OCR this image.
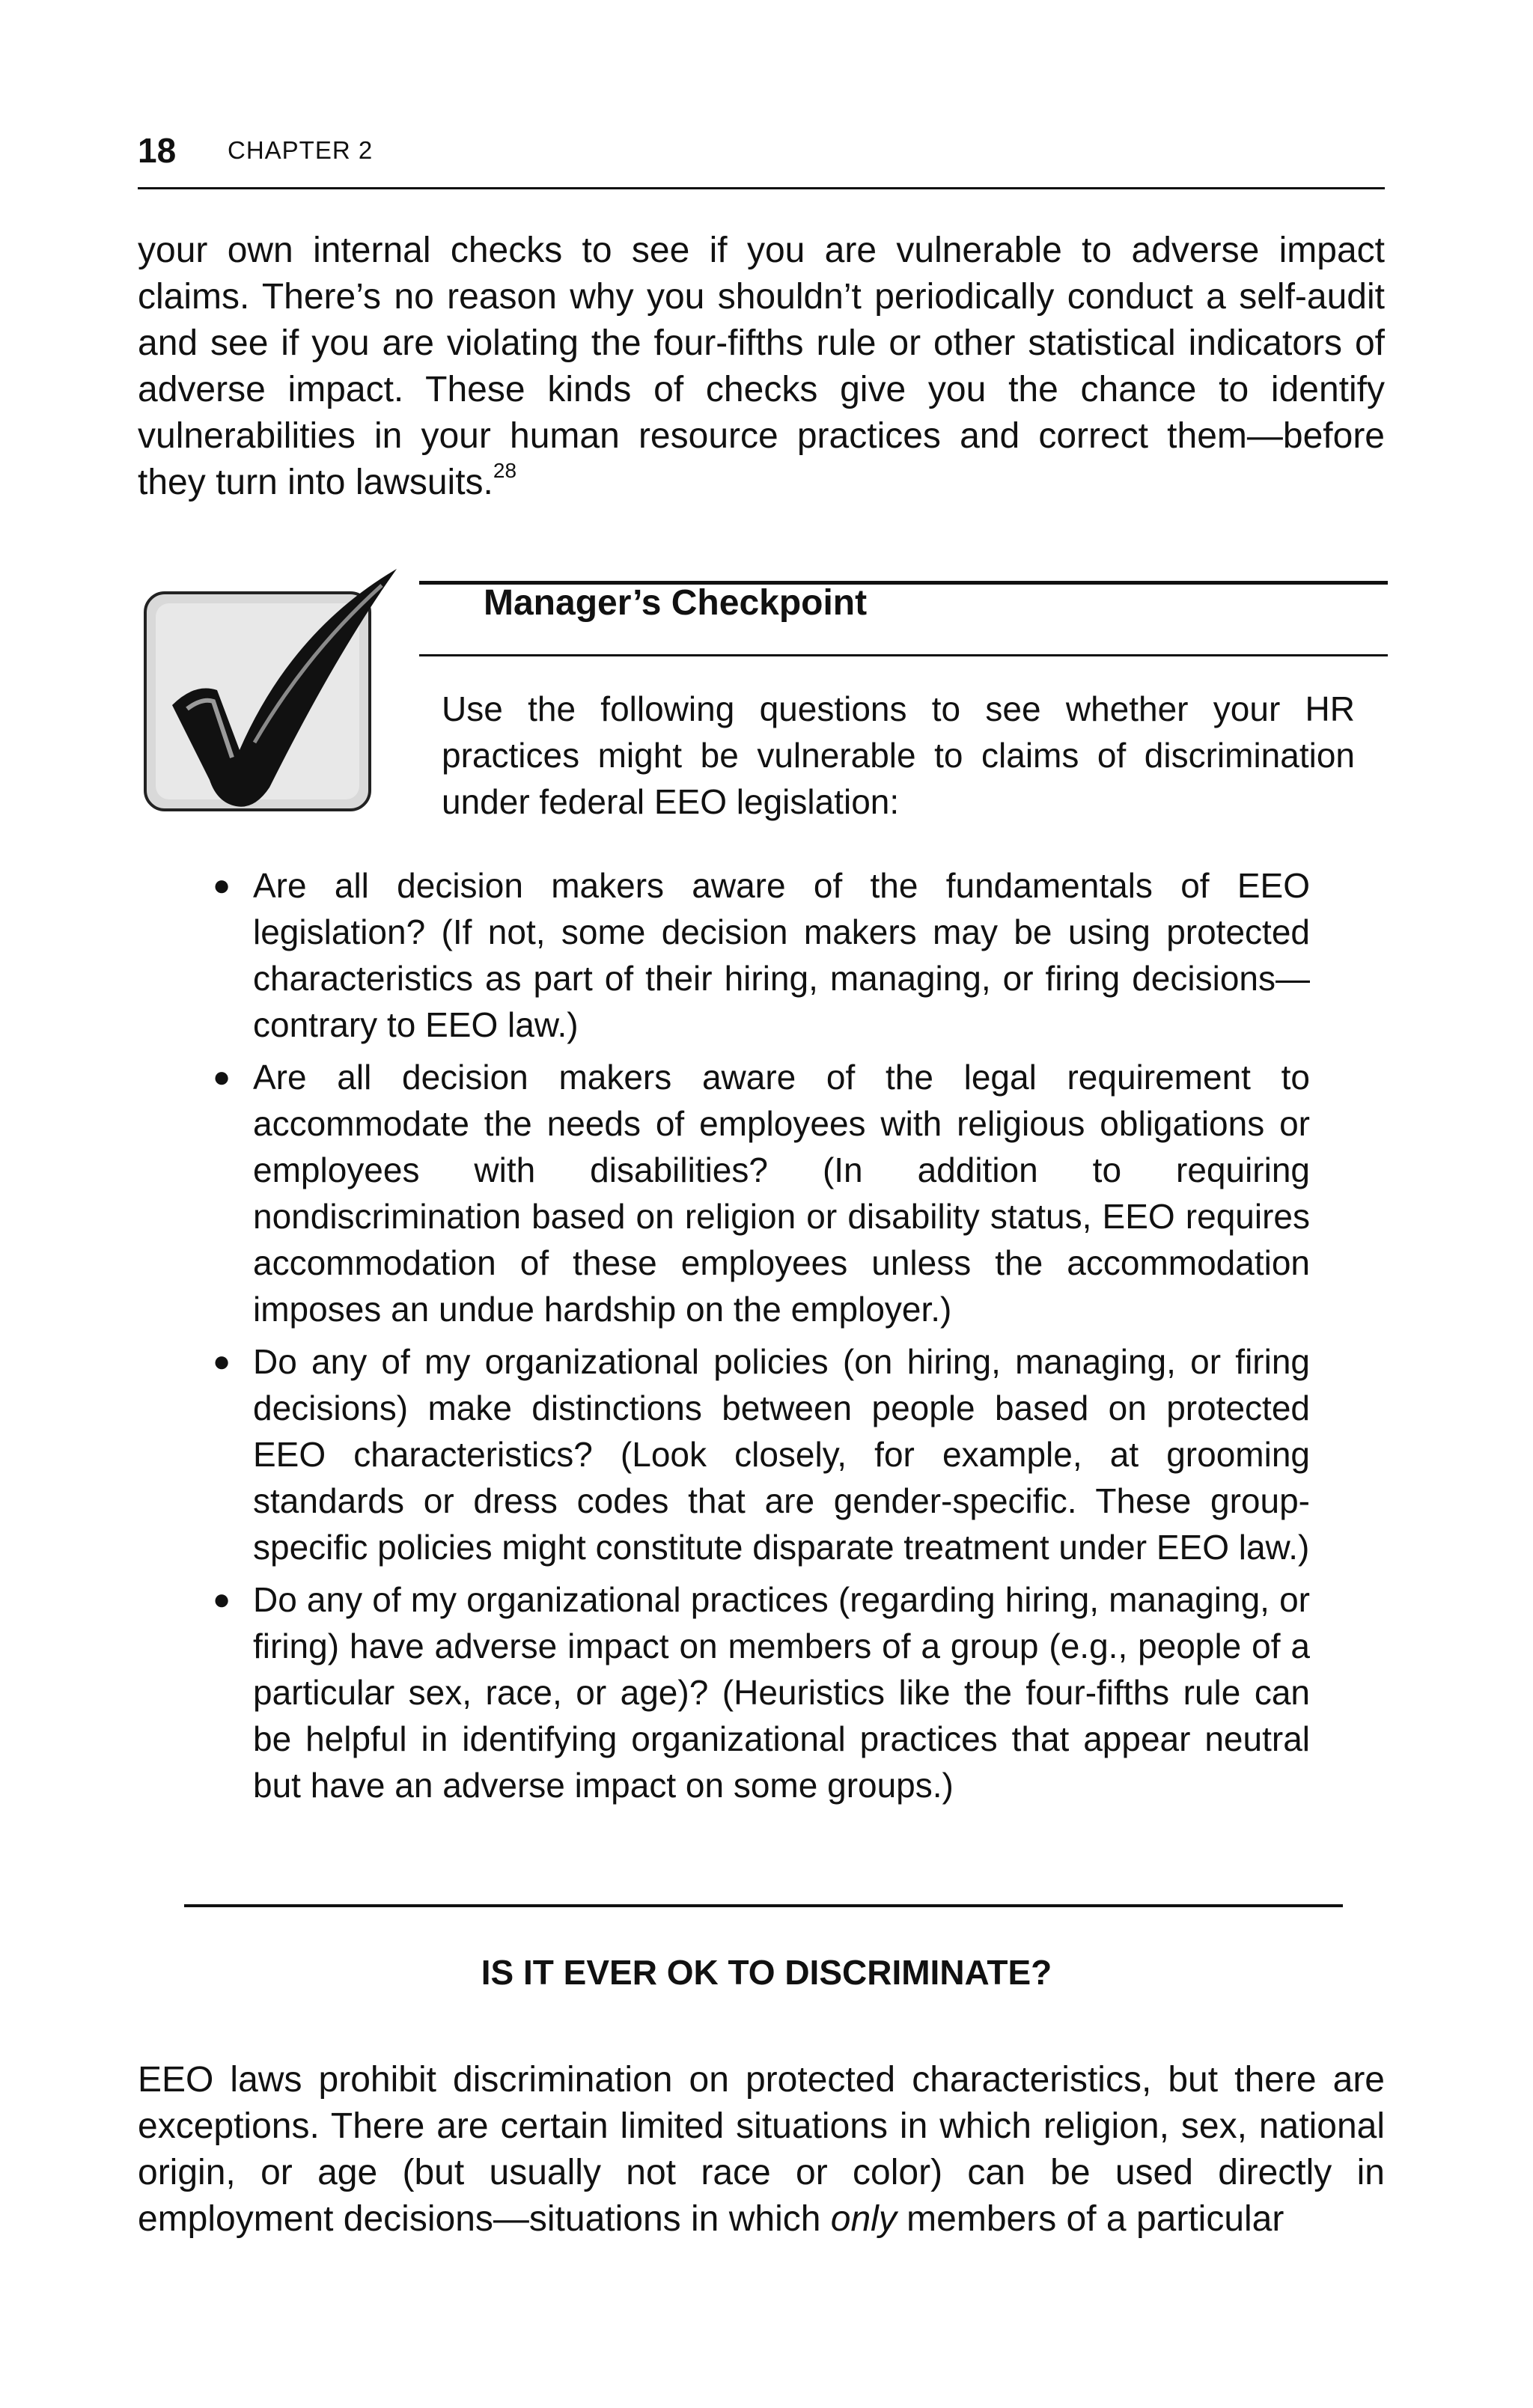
18 CHAPTER 2

your own internal checks to see if you are vulnerable to adverse impact claims. There’s no reason why you shouldn’t periodically conduct a self-audit and see if you are violating the four-fifths rule or other statistical indicators of adverse impact. These kinds of checks give you the chance to identify vulnerabilities in your human resource practices and correct them—before they turn into lawsuits.$^{28}$

Manager’s Checkpoint

Use the following questions to see whether your HR practices might be vulnerable to claims of discrimination under federal EEO legislation:

● Are all decision makers aware of the fundamentals of EEO legislation? (If not, some decision makers may be using protected characteristics as part of their hiring, managing, or firing decisions—contrary to EEO law.)
● Are all decision makers aware of the legal requirement to accommodate the needs of employees with religious obligations or employees with disabilities? (In addition to requiring nondiscrimination based on religion or disability status, EEO requires accommodation of these employees unless the accommodation imposes an undue hardship on the employer.)
● Do any of my organizational policies (on hiring, managing, or firing decisions) make distinctions between people based on protected EEO characteristics? (Look closely, for example, at grooming standards or dress codes that are gender-specific. These group-specific policies might constitute disparate treatment under EEO law.)
● Do any of my organizational practices (regarding hiring, managing, or firing) have adverse impact on members of a group (e.g., people of a particular sex, race, or age)? (Heuristics like the four-fifths rule can be helpful in identifying organizational practices that appear neutral but have an adverse impact on some groups.)
IS IT EVER OK TO DISCRIMINATE?

EEO laws prohibit discrimination on protected characteristics, but there are exceptions. There are certain limited situations in which religion, sex, national origin, or age (but usually not race or color) can be used directly in employment decisions—situations in which only members of a particular
